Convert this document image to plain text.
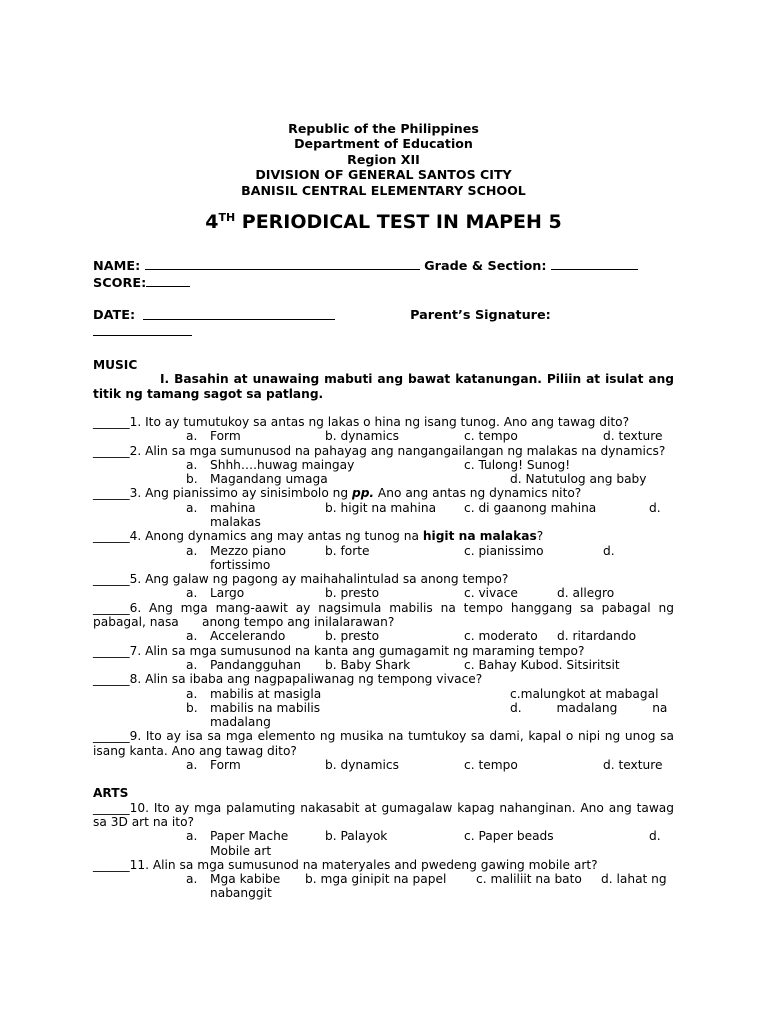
Republic of the Philippines
Department of Education
Region XII
DIVISION OF GENERAL SANTOS CITY
BANISIL CENTRAL ELEMENTARY SCHOOL
4TH PERIODICAL TEST IN MAPEH 5
NAME:	Grade & Section:
SCORE:
DATE:	Parent’s Signature:
MUSIC
I. Basahin at unawaing mabuti ang bawat katanungan. Piliin at isulat ang titik ng tamang sagot sa patlang.
______1. Ito ay tumutukoy sa antas ng lakas o hina ng isang tunog. Ano ang tawag dito?
a.	Form	b. dynamics	c. tempo	d. texture
______2. Alin sa mga sumunusod na pahayag ang nangangailangan ng malakas na dynamics?
a.	Shhh….huwag maingay	c. Tulong! Sunog!
b.	Magandang umaga	d. Natutulog ang baby
______3. Ang pianissimo ay sinisimbolo ng pp. Ano ang antas ng dynamics nito?
a.	mahina	b. higit na mahina	c. di gaanong mahina	d.
malakas
______4. Anong dynamics ang may antas ng tunog na higit na malakas?
a.	Mezzo piano	b. forte	c. pianissimo	d.
fortissimo
______5. Ang galaw ng pagong ay maihahalintulad sa anong tempo?
a.	Largo	b. presto	c. vivace	d. allegro
______6. Ang mga mang-aawit ay nagsimula mabilis na tempo hanggang sa pabagal ng pabagal, nasa      anong tempo ang inilalarawan?
a.	Accelerando	b. presto	c. moderato	d. ritardando
______7. Alin sa mga sumusunod na kanta ang gumagamit ng maraming tempo?
a.	Pandangguhan b. Baby Shark	c. Bahay Kubod. Sitsiritsit
______8. Alin sa ibaba ang nagpapaliwanag ng tempong vivace?
a.	mabilis at masigla	c.malungkot at mabagal
b.	mabilis na mabilis	d.         madalang         na
madalang
______9. Ito ay isa sa mga elemento ng musika na tumtukoy sa dami, kapal o nipi ng unog sa isang kanta. Ano ang tawag dito?
a.	Form	b. dynamics	c. tempo	d. texture
ARTS
______10. Ito ay mga palamuting nakasabit at gumagalaw kapag nahanginan. Ano ang tawag sa 3D art na ito?
a.	Paper Mache	b. Palayok	c. Paper beads	d.
Mobile art
______11. Alin sa mga sumusunod na materyales and pwedeng gawing mobile art?
a.	Mga kabibe b. mga ginipit na papel	c. maliliit na bato	d. lahat ng
nabanggit
